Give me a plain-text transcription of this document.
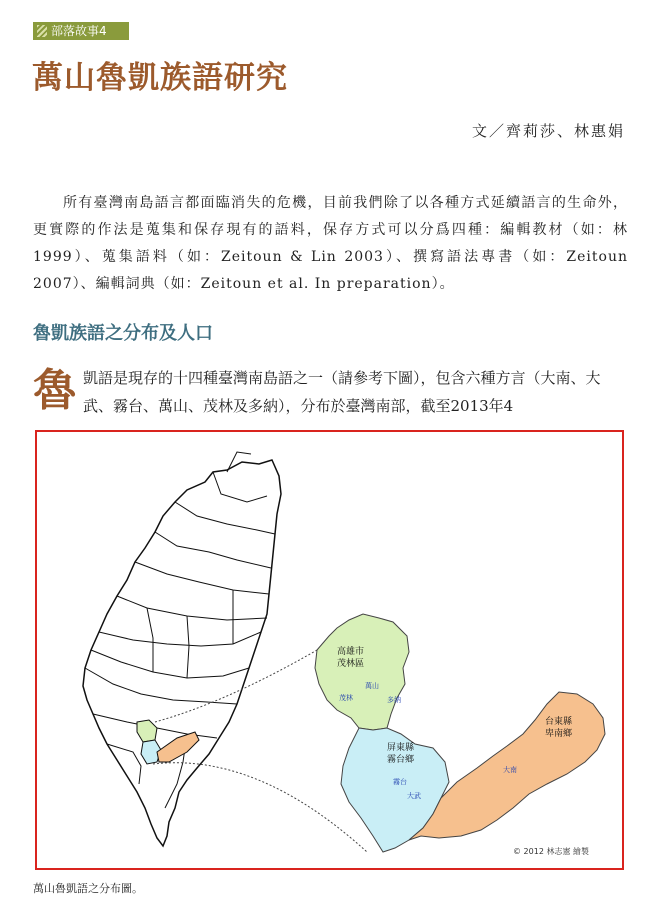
部落故事4
萬山魯凱族語研究
文／齊莉莎、林惠娟

所有臺灣南島語言都面臨消失的危機，目前我們除了以各種方式延續語言的生命外，更實際的作法是蒐集和保存現有的語料，保存方式可以分爲四種：編輯教材（如：林1999）、蒐集語料（如：Zeitoun & Lin 2003）、撰寫語法專書（如：Zeitoun 2007）、編輯詞典（如：Zeitoun et al. In preparation）。

魯凱族語之分布及人口
魯 凱語是現存的十四種臺灣南島語之一（請參考下圖），包含六種方言（大南、大武、霧台、萬山、茂林及多納），分布於臺灣南部，截至2013年4
高雄市
茂林區
萬山
茂林	多納
屏東縣
霧台鄉
霧台
大武
台東縣
卑南鄉
大南
© 2012 林志憲 繪製
萬山魯凱語之分布圖。
